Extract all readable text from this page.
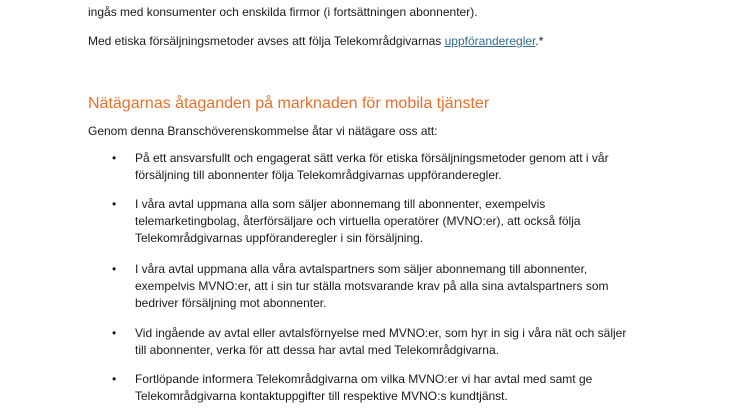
ingås med konsumenter och enskilda firmor (i fortsättningen abonnenter).

Med etiska försäljningsmetoder avses att följa Telekområdgivarnas uppföranderegler.*

Nätägarnas åtaganden på marknaden för mobila tjänster

Genom denna Branschöverenskommelse åtar vi nätägare oss att:

• På ett ansvarsfullt och engagerat sätt verka för etiska försäljningsmetoder genom att i vår
försäljning till abonnenter följa Telekområdgivarnas uppföranderegler.
• I våra avtal uppmana alla som säljer abonnemang till abonnenter, exempelvis
telemarketingbolag, återförsäljare och virtuella operatörer (MVNO:er), att också följa
Telekområdgivarnas uppföranderegler i sin försäljning.
• I våra avtal uppmana alla våra avtalspartners som säljer abonnemang till abonnenter,
exempelvis MVNO:er, att i sin tur ställa motsvarande krav på alla sina avtalspartners som
bedriver försäljning mot abonnenter.
• Vid ingående av avtal eller avtalsförnyelse med MVNO:er, som hyr in sig i våra nät och säljer
till abonnenter, verka för att dessa har avtal med Telekområdgivarna.
• Fortlöpande informera Telekområdgivarna om vilka MVNO:er vi har avtal med samt ge
Telekområdgivarna kontaktuppgifter till respektive MVNO:s kundtjänst.
